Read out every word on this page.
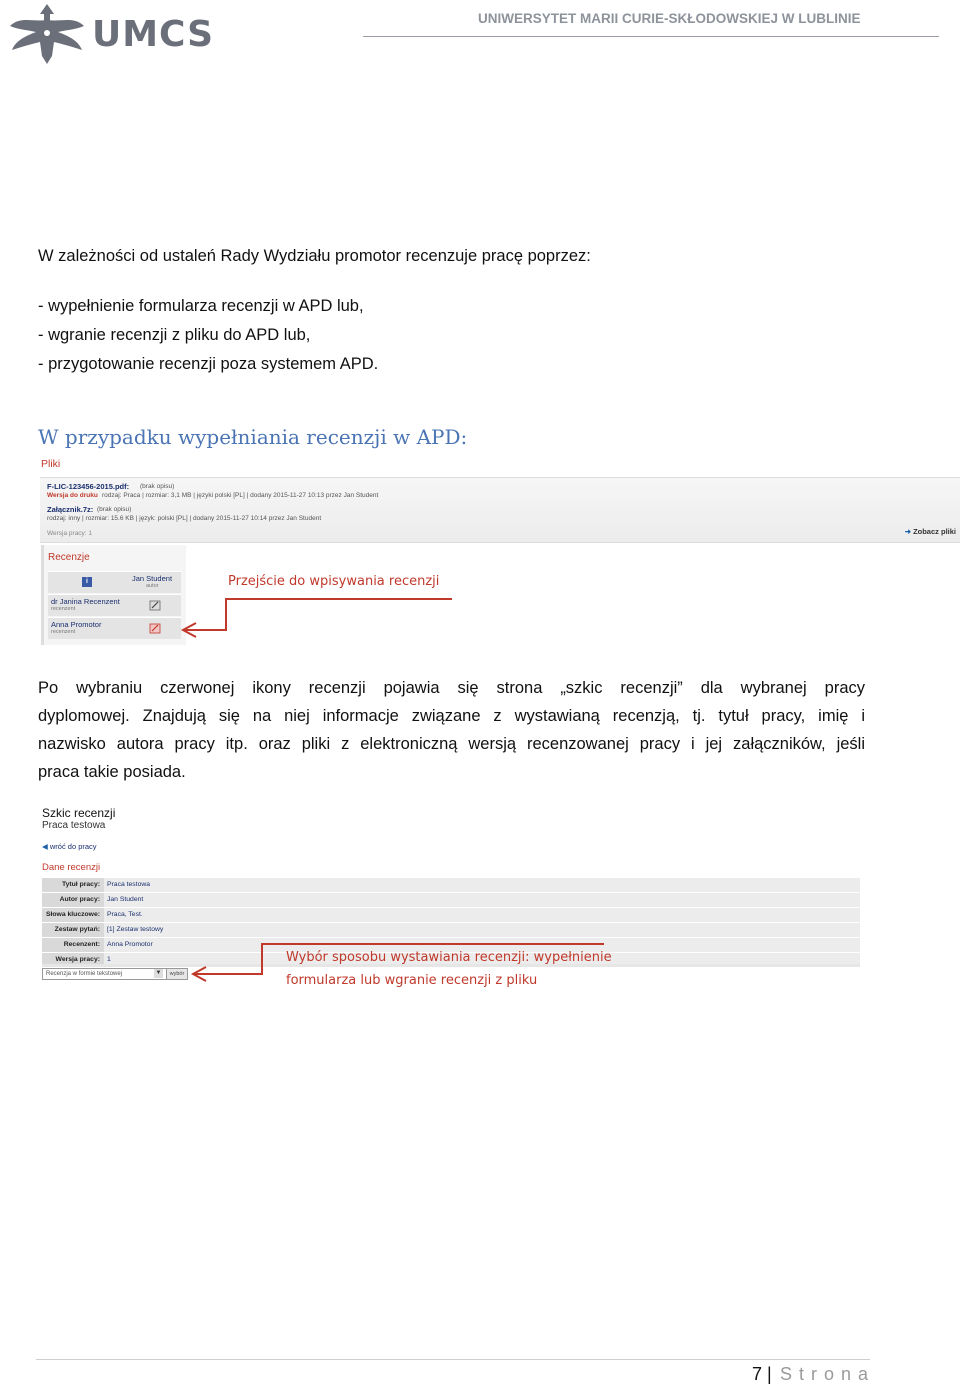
UMCS	UNIWERSYTET MARII CURIE-SKŁODOWSKIEJ W LUBLINIE
W zależności od ustaleń Rady Wydziału promotor recenzuje pracę poprzez:
- wypełnienie formularza recenzji w APD lub,
- wgranie recenzji z pliku do APD lub,
- przygotowanie recenzji poza systemem APD.
W przypadku wypełniania recenzji w APD:
Pliki
F-LIC-123456-2015.pdf: (brak opisu)
Wersja do druku rodzaj: Praca | rozmiar: 3,1 MB | języki polski [PL] | dodany 2015-11-27 10:13 przez Jan Student
Załącznik.7z: (brak opisu)
rodzaj: inny | rozmiar: 15.6 KB | język: polski [PL] | dodany 2015-11-27 10:14 przez Jan Student
Wersja pracy: 1	➜ Zobacz pliki
Recenzje
i	Jan Student
autor
dr Janina Recenzent
recenzent
Anna Promotor
recenzent
Przejście do wpisywania recenzji
Po wybraniu czerwonej ikony recenzji pojawia się strona „szkic recenzji” dla wybranej pracy
dyplomowej. Znajdują się na niej informacje związane z wystawianą recenzją, tj. tytuł pracy, imię i
nazwisko autora pracy itp. oraz pliki z elektroniczną wersją recenzowanej pracy i jej załączników, jeśli
praca takie posiada.
Szkic recenzji
Praca testowa
◀ wróć do pracy
Dane recenzji
Tytuł pracy:	Praca testowa
Autor pracy:	Jan Student
Słowa kluczowe:	Praca, Test.
Zestaw pytań:	[1] Zestaw testowy
Recenzent:	Anna Promotor
Wersja pracy:	1
Recenzja w formie tekstowej	▼	wybór
Wybór sposobu wystawiania recenzji: wypełnienie
formularza lub wgranie recenzji z pliku
7 | Strona
